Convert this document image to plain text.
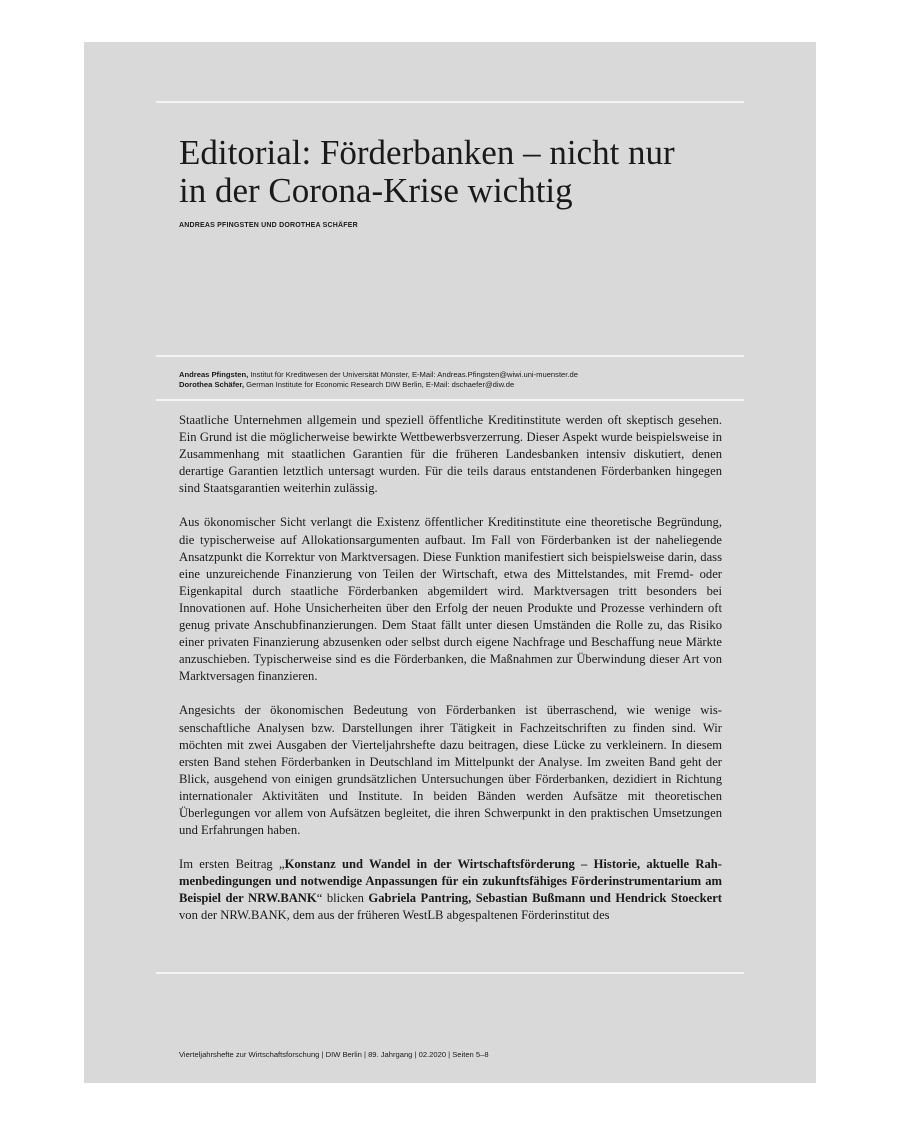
Editorial: Förderbanken – nicht nur
in der Corona-Krise wichtig

ANDREAS PFINGSTEN UND DOROTHEA SCHÄFER

Andreas Pfingsten, Institut für Kreditwesen der Universität Münster, E-Mail: Andreas.Pfingsten@wiwi.uni-muenster.de

Dorothea Schäfer, German Institute for Economic Research DIW Berlin, E-Mail: dschaefer@diw.de

Staatliche Unternehmen allgemein und speziell öffentliche Kreditinstitute werden oft skeptisch gesehen. Ein Grund ist die möglicherweise bewirkte Wettbewerbsverzerrung. Dieser Aspekt wurde beispielsweise in Zusammenhang mit staatlichen Garantien für die früheren Landesbanken intensiv diskutiert, denen derartige Garantien letztlich untersagt wurden. Für die teils daraus entstandenen Förderbanken hingegen sind Staatsgarantien weiterhin zulässig.

Aus ökonomischer Sicht verlangt die Existenz öffentlicher Kreditinstitute eine theoretische Begründung, die typischerweise auf Allokationsargumenten aufbaut. Im Fall von Förderbanken ist der naheliegende Ansatzpunkt die Korrektur von Marktversagen. Diese Funktion manifestiert sich beispielsweise darin, dass eine unzureichende Finanzierung von Teilen der Wirtschaft, etwa des Mittelstandes, mit Fremd- oder Eigenkapital durch staatliche Förderbanken abgemildert wird. Marktversagen tritt besonders bei Innovationen auf. Hohe Unsicherheiten über den Erfolg der neuen Produkte und Prozesse verhindern oft genug private Anschubfinanzierungen. Dem Staat fällt unter diesen Umständen die Rolle zu, das Risiko einer privaten Finanzierung abzusenken oder selbst durch eigene Nachfrage und Beschaffung neue Märkte anzuschieben. Typischerweise sind es die Förderbanken, die Maßnahmen zur Überwindung dieser Art von Marktversagen finanzieren.

Angesichts der ökonomischen Bedeutung von Förderbanken ist überraschend, wie wenige wissenschaftliche Analysen bzw. Darstellungen ihrer Tätigkeit in Fachzeitschriften zu finden sind. Wir möchten mit zwei Ausgaben der Vierteljahrshefte dazu beitragen, diese Lücke zu verkleinern. In diesem ersten Band stehen Förderbanken in Deutschland im Mittelpunkt der Analyse. Im zweiten Band geht der Blick, ausgehend von einigen grundsätzlichen Untersuchungen über Förderbanken, dezidiert in Richtung internationaler Aktivitäten und Institute. In beiden Bänden werden Aufsätze mit theoretischen Überlegungen vor allem von Aufsätzen begleitet, die ihren Schwerpunkt in den praktischen Umsetzungen und Erfahrungen haben.

Im ersten Beitrag „Konstanz und Wandel in der Wirtschaftsförderung – Historie, aktuelle Rahmenbedingungen und notwendige Anpassungen für ein zukunftsfähiges Förderinstrumentarium am Beispiel der NRW.BANK“ blicken Gabriela Pantring, Sebastian Bußmann und Hendrick Stoeckert von der NRW.BANK, dem aus der früheren WestLB abgespaltenen Förderinstitut des

Vierteljahrshefte zur Wirtschaftsforschung | DIW Berlin | 89. Jahrgang | 02.2020 | Seiten 5–8
